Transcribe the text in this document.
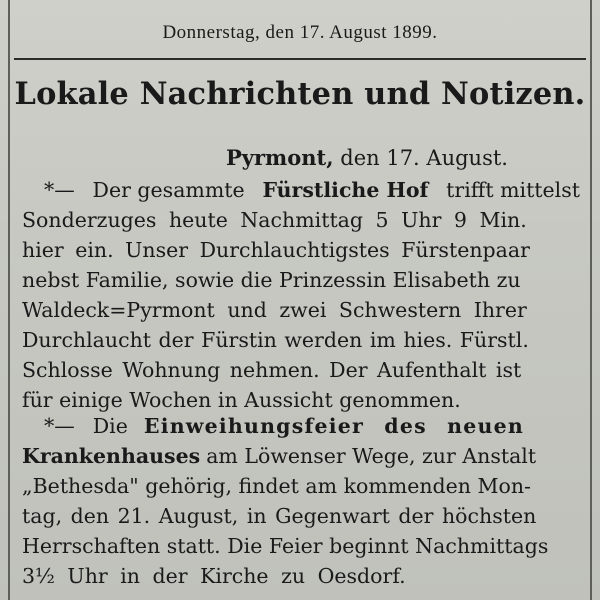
Donnerstag, den 17. August 1899.
Lokale Nachrichten und Notizen.
Pyrmont, den 17. August.
*— Der gesammte Fürstliche Hof trifft mittelst
Sonderzuges heute Nachmittag 5 Uhr 9 Min.
hier ein. Unser Durchlauchtigstes Fürstenpaar
nebst Familie, sowie die Prinzessin Elisabeth zu
Waldeck=Pyrmont und zwei Schwestern Ihrer
Durchlaucht der Fürstin werden im hies. Fürstl.
Schlosse Wohnung nehmen. Der Aufenthalt ist
für einige Wochen in Aussicht genommen.
*— Die Einweihungsfeier des neuen
Krankenhauses am Löwenser Wege, zur Anstalt
„Bethesda" gehörig, findet am kommenden Mon-
tag, den 21. August, in Gegenwart der höchsten
Herrschaften statt. Die Feier beginnt Nachmittags
3½ Uhr in der Kirche zu Oesdorf.
